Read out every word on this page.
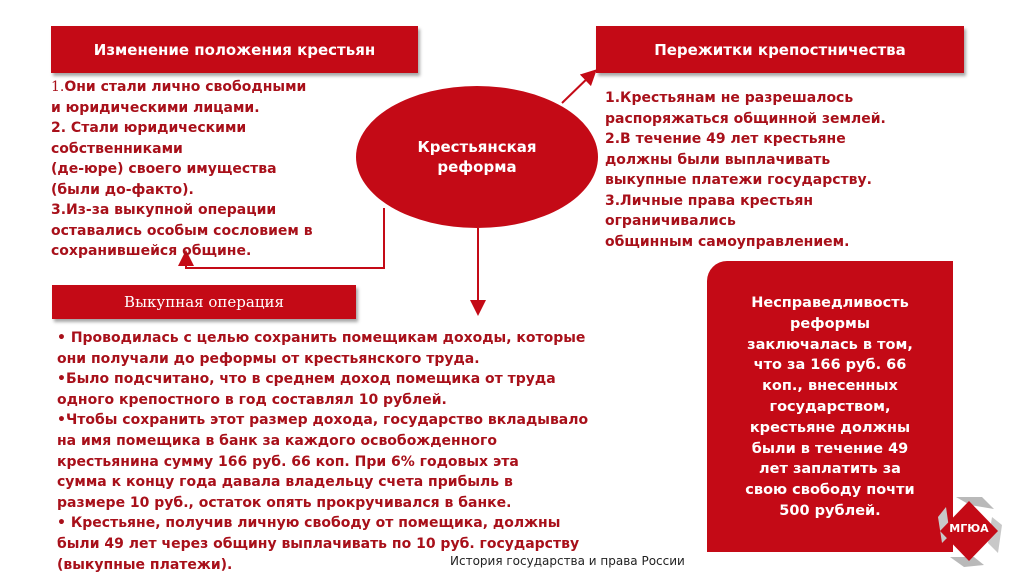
Изменение положения крестьян	Пережитки крепостничества
Выкупная операция
Крестьянская
реформа
1.Они стали лично свободными
и юридическими лицами.
2. Стали юридическими
собственниками
(де-юре) своего имущества
(были до-факто).
3.Из-за выкупной операции
оставались особым сословием в
сохранившейся общине.
1.Крестьянам не разрешалось
распоряжаться общинной землей.
2.В течение 49 лет крестьяне
должны были выплачивать
выкупные платежи государству.
3.Личные права крестьян
ограничивались
общинным самоуправлением.
• Проводилась с целью сохранить помещикам доходы, которые
они получали до реформы от крестьянского труда.
•Было подсчитано, что в среднем доход помещика от труда
одного крепостного в год составлял 10 рублей.
•Чтобы сохранить этот размер дохода, государство вкладывало
на имя помещика в банк за каждого освобожденного
крестьянина сумму 166 руб. 66 коп. При 6% годовых эта
сумма к концу года давала владельцу счета прибыль в
размере 10 руб., остаток опять прокручивался в банке.
• Крестьяне, получив личную свободу от помещика, должны
были 49 лет через общину выплачивать по 10 руб. государству
(выкупные платежи).
Несправедливость
реформы
заключалась в том,
что за 166 руб. 66
коп., внесенных
государством,
крестьяне должны
были в течение 49
лет заплатить за
свою свободу почти
500 рублей.
История государства и права России
МГЮА
